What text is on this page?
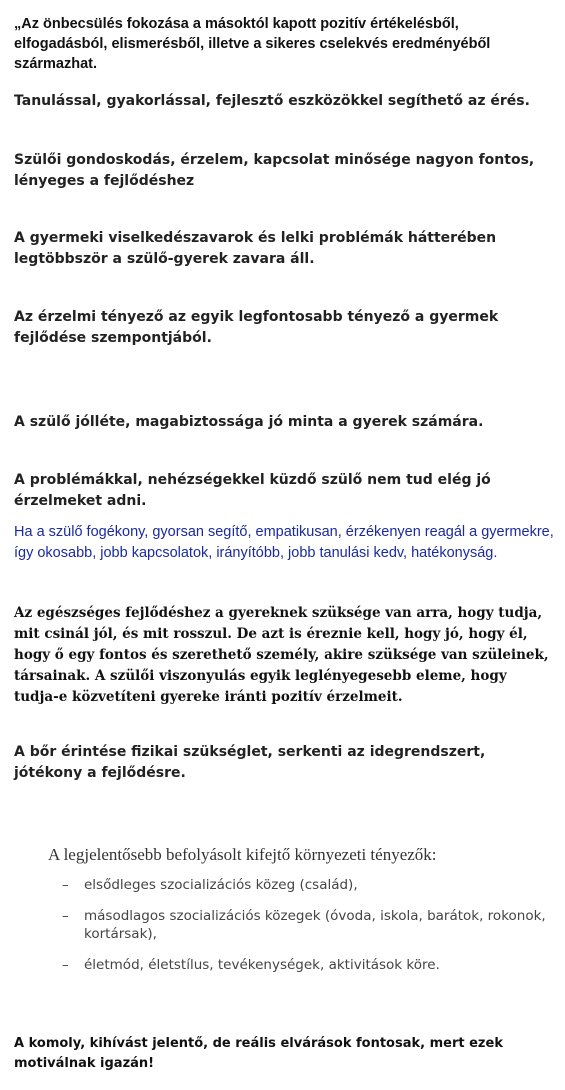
„Az önbecsülés fokozása a másoktól kapott pozitív értékelésből, elfogadásból, elismerésből, illetve a sikeres cselekvés eredményéből származhat.

Tanulással, gyakorlással, fejlesztő eszközökkel segíthető az érés.

Szülői gondoskodás, érzelem, kapcsolat minősége nagyon fontos, lényeges a fejlődéshez

A gyermeki viselkedészavarok és lelki problémák hátterében legtöbbször a szülő-gyerek zavara áll.

Az érzelmi tényező az egyik legfontosabb tényező a gyermek fejlődése szempontjából.

A szülő jólléte, magabiztossága jó minta a gyerek számára.

A problémákkal, nehézségekkel küzdő szülő nem tud elég jó érzelmeket adni.

Ha a szülő fogékony, gyorsan segítő, empatikusan, érzékenyen reagál a gyermekre, így okosabb, jobb kapcsolatok, irányítóbb, jobb tanulási kedv, hatékonyság.

Az egészséges fejlődéshez a gyereknek szüksége van arra, hogy tudja, mit csinál jól, és mit rosszul. De azt is éreznie kell, hogy jó, hogy él, hogy ő egy fontos és szerethető személy, akire szüksége van szüleinek, társainak. A szülői viszonyulás egyik leglényegesebb eleme, hogy tudja-e közvetíteni gyereke iránti pozitív érzelmeit.

A bőr érintése fizikai szükséglet, serkenti az idegrendszert, jótékony a fejlődésre.

A legjelentősebb befolyásolt kifejtő környezeti tényezők:
– elsődleges szocializációs közeg (család),
– másodlagos szocializációs közegek (óvoda, iskola, barátok, rokonok, kortársak),
– életmód, életstílus, tevékenységek, aktivitások köre.

A komoly, kihívást jelentő, de reális elvárások fontosak, mert ezek motiválnak igazán!
